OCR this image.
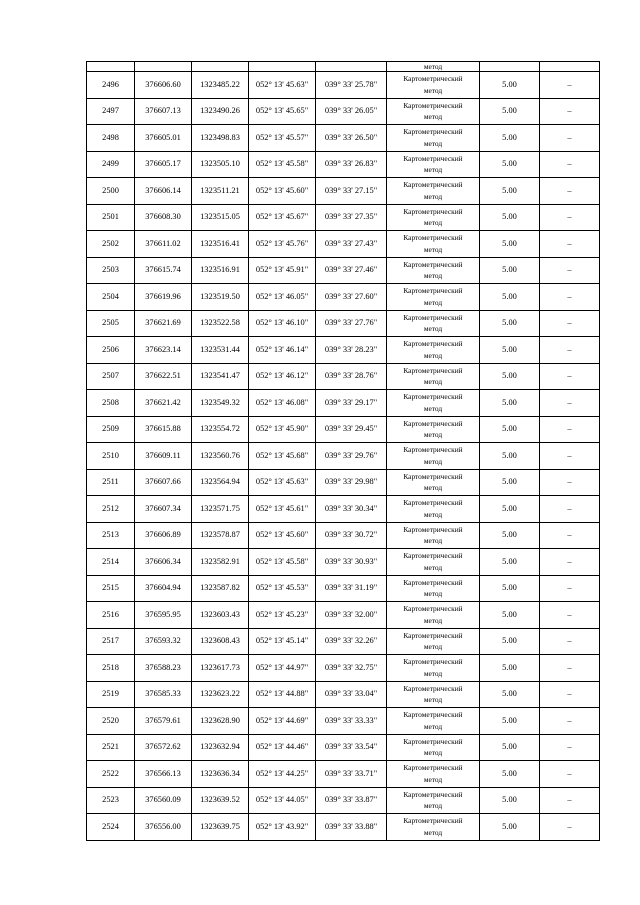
					метод		
2496	376606.60	1323485.22	052° 13' 45.63"	039° 33' 25.78"	Картометрический
метод	5.00	–
2497	376607.13	1323490.26	052° 13' 45.65"	039° 33' 26.05"	Картометрический
метод	5.00	–
2498	376605.01	1323498.83	052° 13' 45.57"	039° 33' 26.50"	Картометрический
метод	5.00	–
2499	376605.17	1323505.10	052° 13' 45.58"	039° 33' 26.83"	Картометрический
метод	5.00	–
2500	376606.14	1323511.21	052° 13' 45.60"	039° 33' 27.15"	Картометрический
метод	5.00	–
2501	376608.30	1323515.05	052° 13' 45.67"	039° 33' 27.35"	Картометрический
метод	5.00	–
2502	376611.02	1323516.41	052° 13' 45.76"	039° 33' 27.43"	Картометрический
метод	5.00	–
2503	376615.74	1323516.91	052° 13' 45.91"	039° 33' 27.46"	Картометрический
метод	5.00	–
2504	376619.96	1323519.50	052° 13' 46.05"	039° 33' 27.60"	Картометрический
метод	5.00	–
2505	376621.69	1323522.58	052° 13' 46.10"	039° 33' 27.76"	Картометрический
метод	5.00	–
2506	376623.14	1323531.44	052° 13' 46.14"	039° 33' 28.23"	Картометрический
метод	5.00	–
2507	376622.51	1323541.47	052° 13' 46.12"	039° 33' 28.76"	Картометрический
метод	5.00	–
2508	376621.42	1323549.32	052° 13' 46.08"	039° 33' 29.17"	Картометрический
метод	5.00	–
2509	376615.88	1323554.72	052° 13' 45.90"	039° 33' 29.45"	Картометрический
метод	5.00	–
2510	376609.11	1323560.76	052° 13' 45.68"	039° 33' 29.76"	Картометрический
метод	5.00	–
2511	376607.66	1323564.94	052° 13' 45.63"	039° 33' 29.98"	Картометрический
метод	5.00	–
2512	376607.34	1323571.75	052° 13' 45.61"	039° 33' 30.34"	Картометрический
метод	5.00	–
2513	376606.89	1323578.87	052° 13' 45.60"	039° 33' 30.72"	Картометрический
метод	5.00	–
2514	376606.34	1323582.91	052° 13' 45.58"	039° 33' 30.93"	Картометрический
метод	5.00	–
2515	376604.94	1323587.82	052° 13' 45.53"	039° 33' 31.19"	Картометрический
метод	5.00	–
2516	376595.95	1323603.43	052° 13' 45.23"	039° 33' 32.00"	Картометрический
метод	5.00	–
2517	376593.32	1323608.43	052° 13' 45.14"	039° 33' 32.26"	Картометрический
метод	5.00	–
2518	376588.23	1323617.73	052° 13' 44.97"	039° 33' 32.75"	Картометрический
метод	5.00	–
2519	376585.33	1323623.22	052° 13' 44.88"	039° 33' 33.04"	Картометрический
метод	5.00	–
2520	376579.61	1323628.90	052° 13' 44.69"	039° 33' 33.33"	Картометрический
метод	5.00	–
2521	376572.62	1323632.94	052° 13' 44.46"	039° 33' 33.54"	Картометрический
метод	5.00	–
2522	376566.13	1323636.34	052° 13' 44.25"	039° 33' 33.71"	Картометрический
метод	5.00	–
2523	376560.09	1323639.52	052° 13' 44.05"	039° 33' 33.87"	Картометрический
метод	5.00	–
2524	376556.00	1323639.75	052° 13' 43.92"	039° 33' 33.88"	Картометрический
метод	5.00	–
